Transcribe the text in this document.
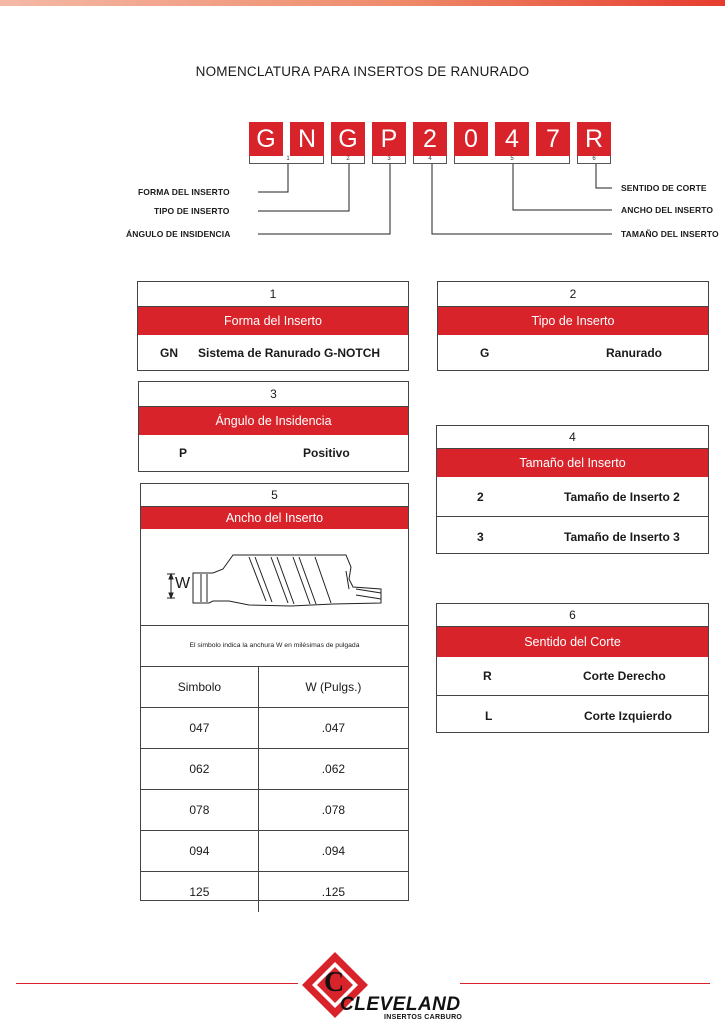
NOMENCLATURA PARA INSERTOS DE RANURADO
G N G P	2	0	4	7	R
1	2	3	4	5	6
FORMA DEL INSERTO
TIPO DE INSERTO
ÁNGULO DE INSIDENCIA
SENTIDO DE CORTE
ANCHO DEL INSERTO
TAMAÑO DEL INSERTO
1
Forma del Inserto
GN Sistema de Ranurado G-NOTCH
2
Tipo de Inserto
G	Ranurado
3
Ángulo de Insidencia
P	Positivo
4
Tamaño del Inserto
2	Tamaño de Inserto 2
3	Tamaño de Inserto 3
5
Ancho del Inserto
W
El simbolo indica la anchura W en milésimas de pulgada
Simbolo	W (Pulgs.)
047	.047
062	.062
078	.078
094	.094
125	.125
6
Sentido del Corte
R	Corte Derecho
L	Corte Izquierdo
C
CLEVELAND
INSERTOS CARBURO
